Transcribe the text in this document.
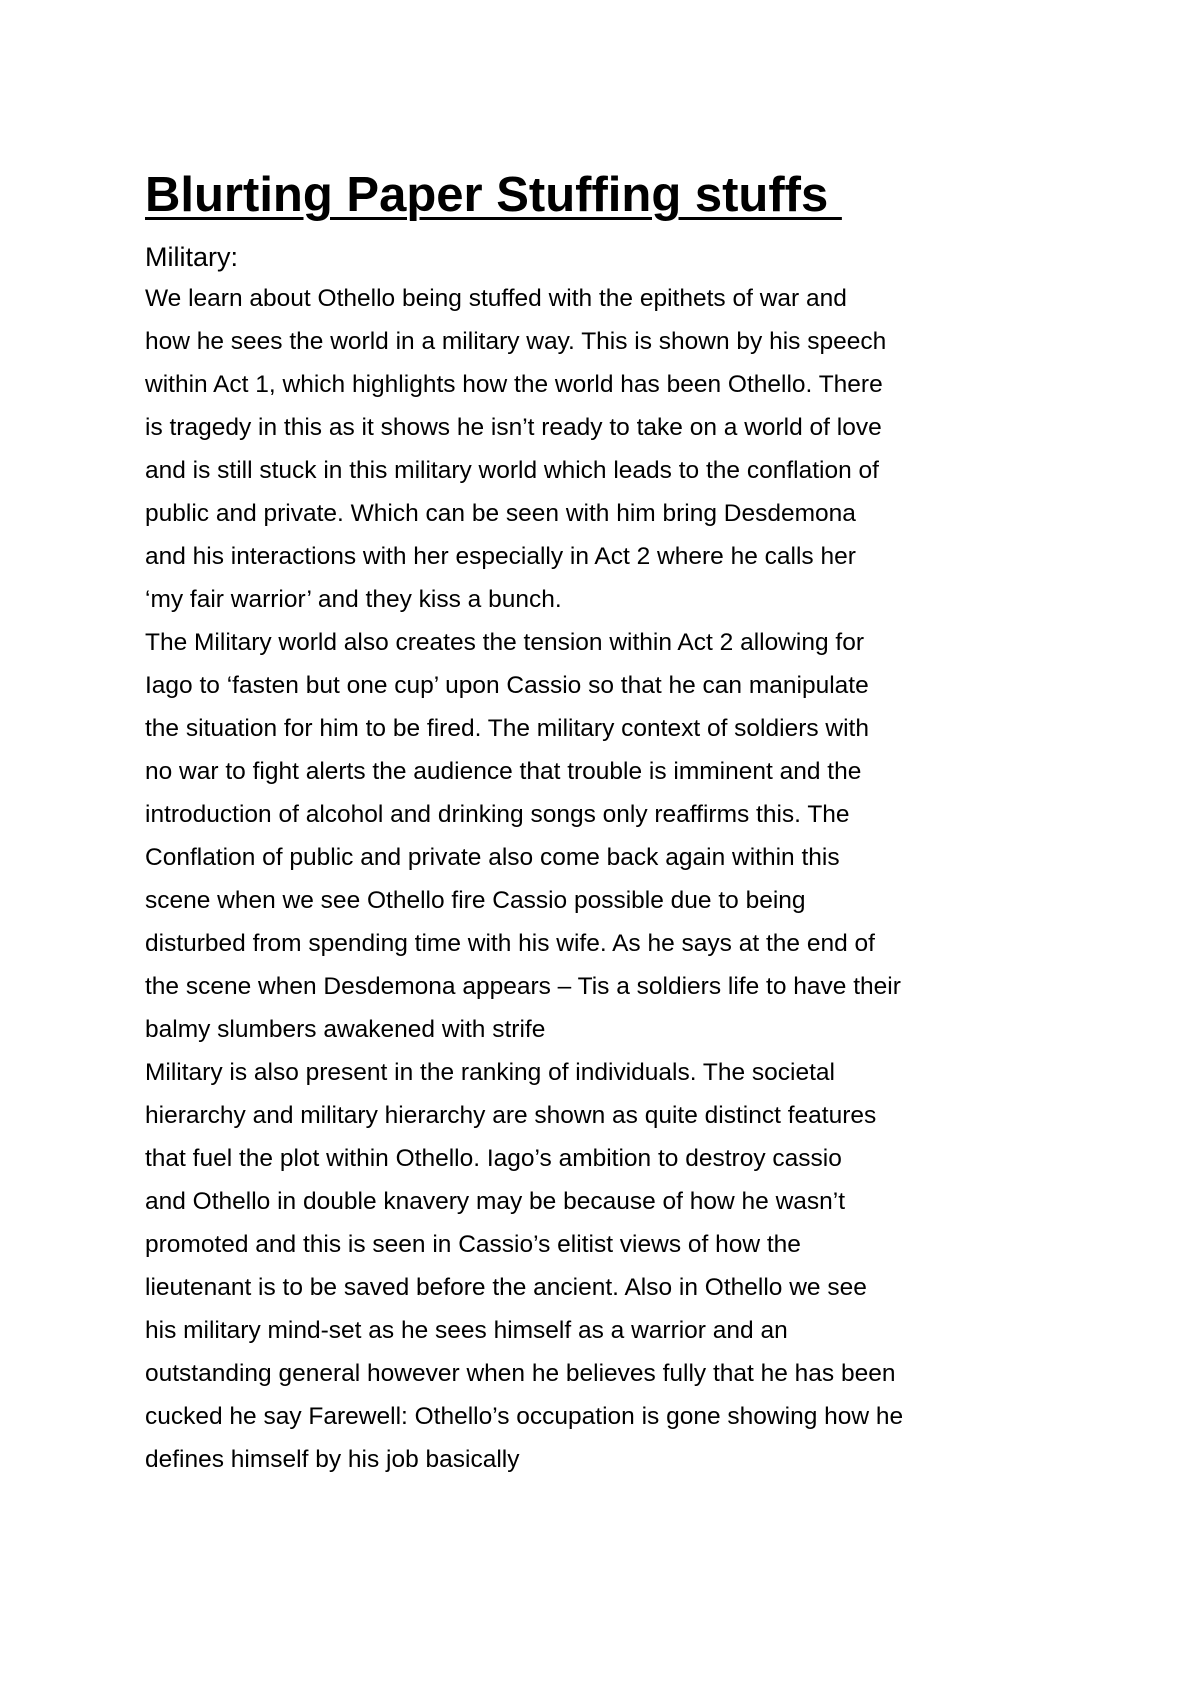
Blurting Paper Stuffing stuffs
Military:

We learn about Othello being stuffed with the epithets of war and
how he sees the world in a military way. This is shown by his speech
within Act 1, which highlights how the world has been Othello. There
is tragedy in this as it shows he isn’t ready to take on a world of love
and is still stuck in this military world which leads to the conflation of
public and private. Which can be seen with him bring Desdemona
and his interactions with her especially in Act 2 where he calls her
‘my fair warrior’ and they kiss a bunch.

The Military world also creates the tension within Act 2 allowing for
Iago to ‘fasten but one cup’ upon Cassio so that he can manipulate
the situation for him to be fired. The military context of soldiers with
no war to fight alerts the audience that trouble is imminent and the
introduction of alcohol and drinking songs only reaffirms this. The
Conflation of public and private also come back again within this
scene when we see Othello fire Cassio possible due to being
disturbed from spending time with his wife. As he says at the end of
the scene when Desdemona appears – Tis a soldiers life to have their
balmy slumbers awakened with strife

Military is also present in the ranking of individuals. The societal
hierarchy and military hierarchy are shown as quite distinct features
that fuel the plot within Othello. Iago’s ambition to destroy cassio
and Othello in double knavery may be because of how he wasn’t
promoted and this is seen in Cassio’s elitist views of how the
lieutenant is to be saved before the ancient. Also in Othello we see
his military mind-set as he sees himself as a warrior and an
outstanding general however when he believes fully that he has been
cucked he say Farewell: Othello’s occupation is gone showing how he
defines himself by his job basically
